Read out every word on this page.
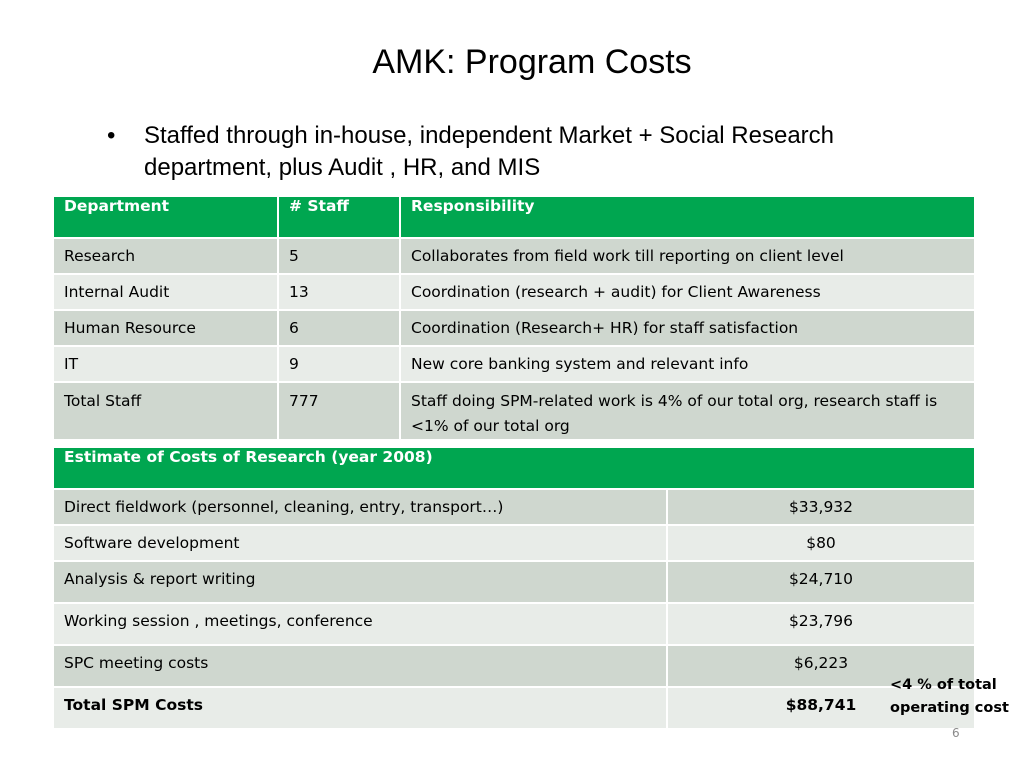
AMK: Program Costs
• Staffed through in-house, independent Market + Social Research department, plus Audit , HR, and MIS
Department	# Staff	Responsibility
Research	5	Collaborates from field work till reporting on client level
Internal Audit	13	Coordination (research + audit) for Client Awareness
Human Resource	6	Coordination (Research+ HR) for staff satisfaction
IT	9	New core banking system and relevant info
Total Staff	777	Staff doing SPM-related work is 4% of our total org, research staff is <1% of our total org
Estimate of Costs of Research (year 2008)	
Direct fieldwork (personnel, cleaning, entry, transport…)	$33,932
Software development	$80
Analysis & report writing	$24,710
Working session , meetings, conference	$23,796
SPC meeting costs	$6,223
Total SPM Costs	$88,741
<4 % of total operating cost
6
